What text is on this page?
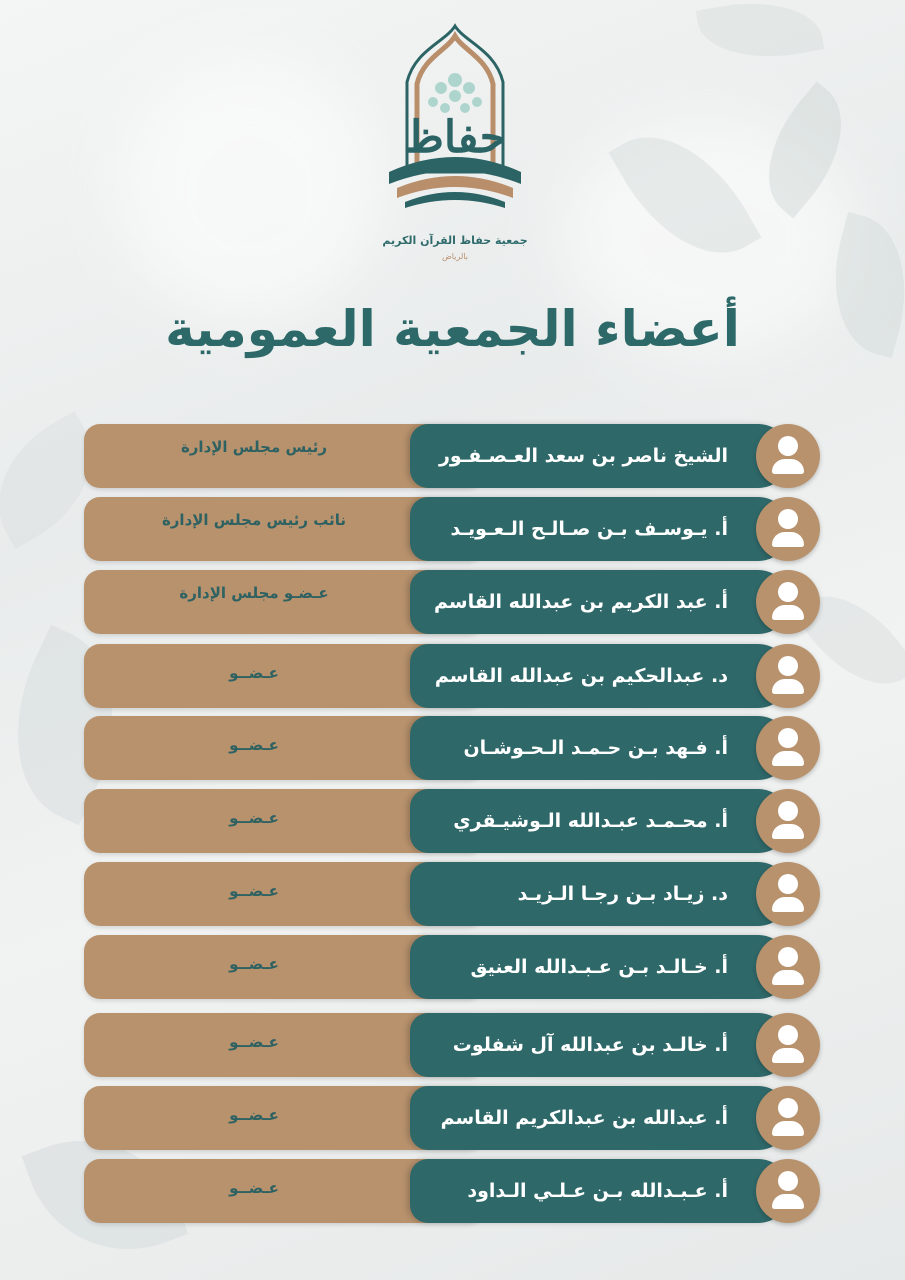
حفاظ
جمعية حفاظ القرآن الكريم
بالرياض
أعضاء الجمعية العمومية
رئيس مجلس الإدارة	الشيخ ناصر بن سعد العـصـفـور
نائب رئيس مجلس الإدارة	أ. يـوسـف بـن صـالـح الـعـويـد
عـضـو مجلس الإدارة	أ. عبد الكريم بن عبدالله القاسم
عـضــو	د. عبدالحكيم بن عبدالله القاسم
عـضــو	أ. فـهد بـن حـمـد الـحـوشـان
عـضــو	أ. محـمـد عبـدالله الـوشيـقري
عـضــو	د. زيـاد بـن رجـا الـزيـد
عـضــو	أ. خـالـد بـن عـبـدالله العنيق
عـضــو	أ. خالـد بن عبدالله آل شفلوت
عـضــو	أ. عبدالله بن عبدالكريم القاسم
عـضــو	أ. عـبـدالله بـن عـلـي الـداود
